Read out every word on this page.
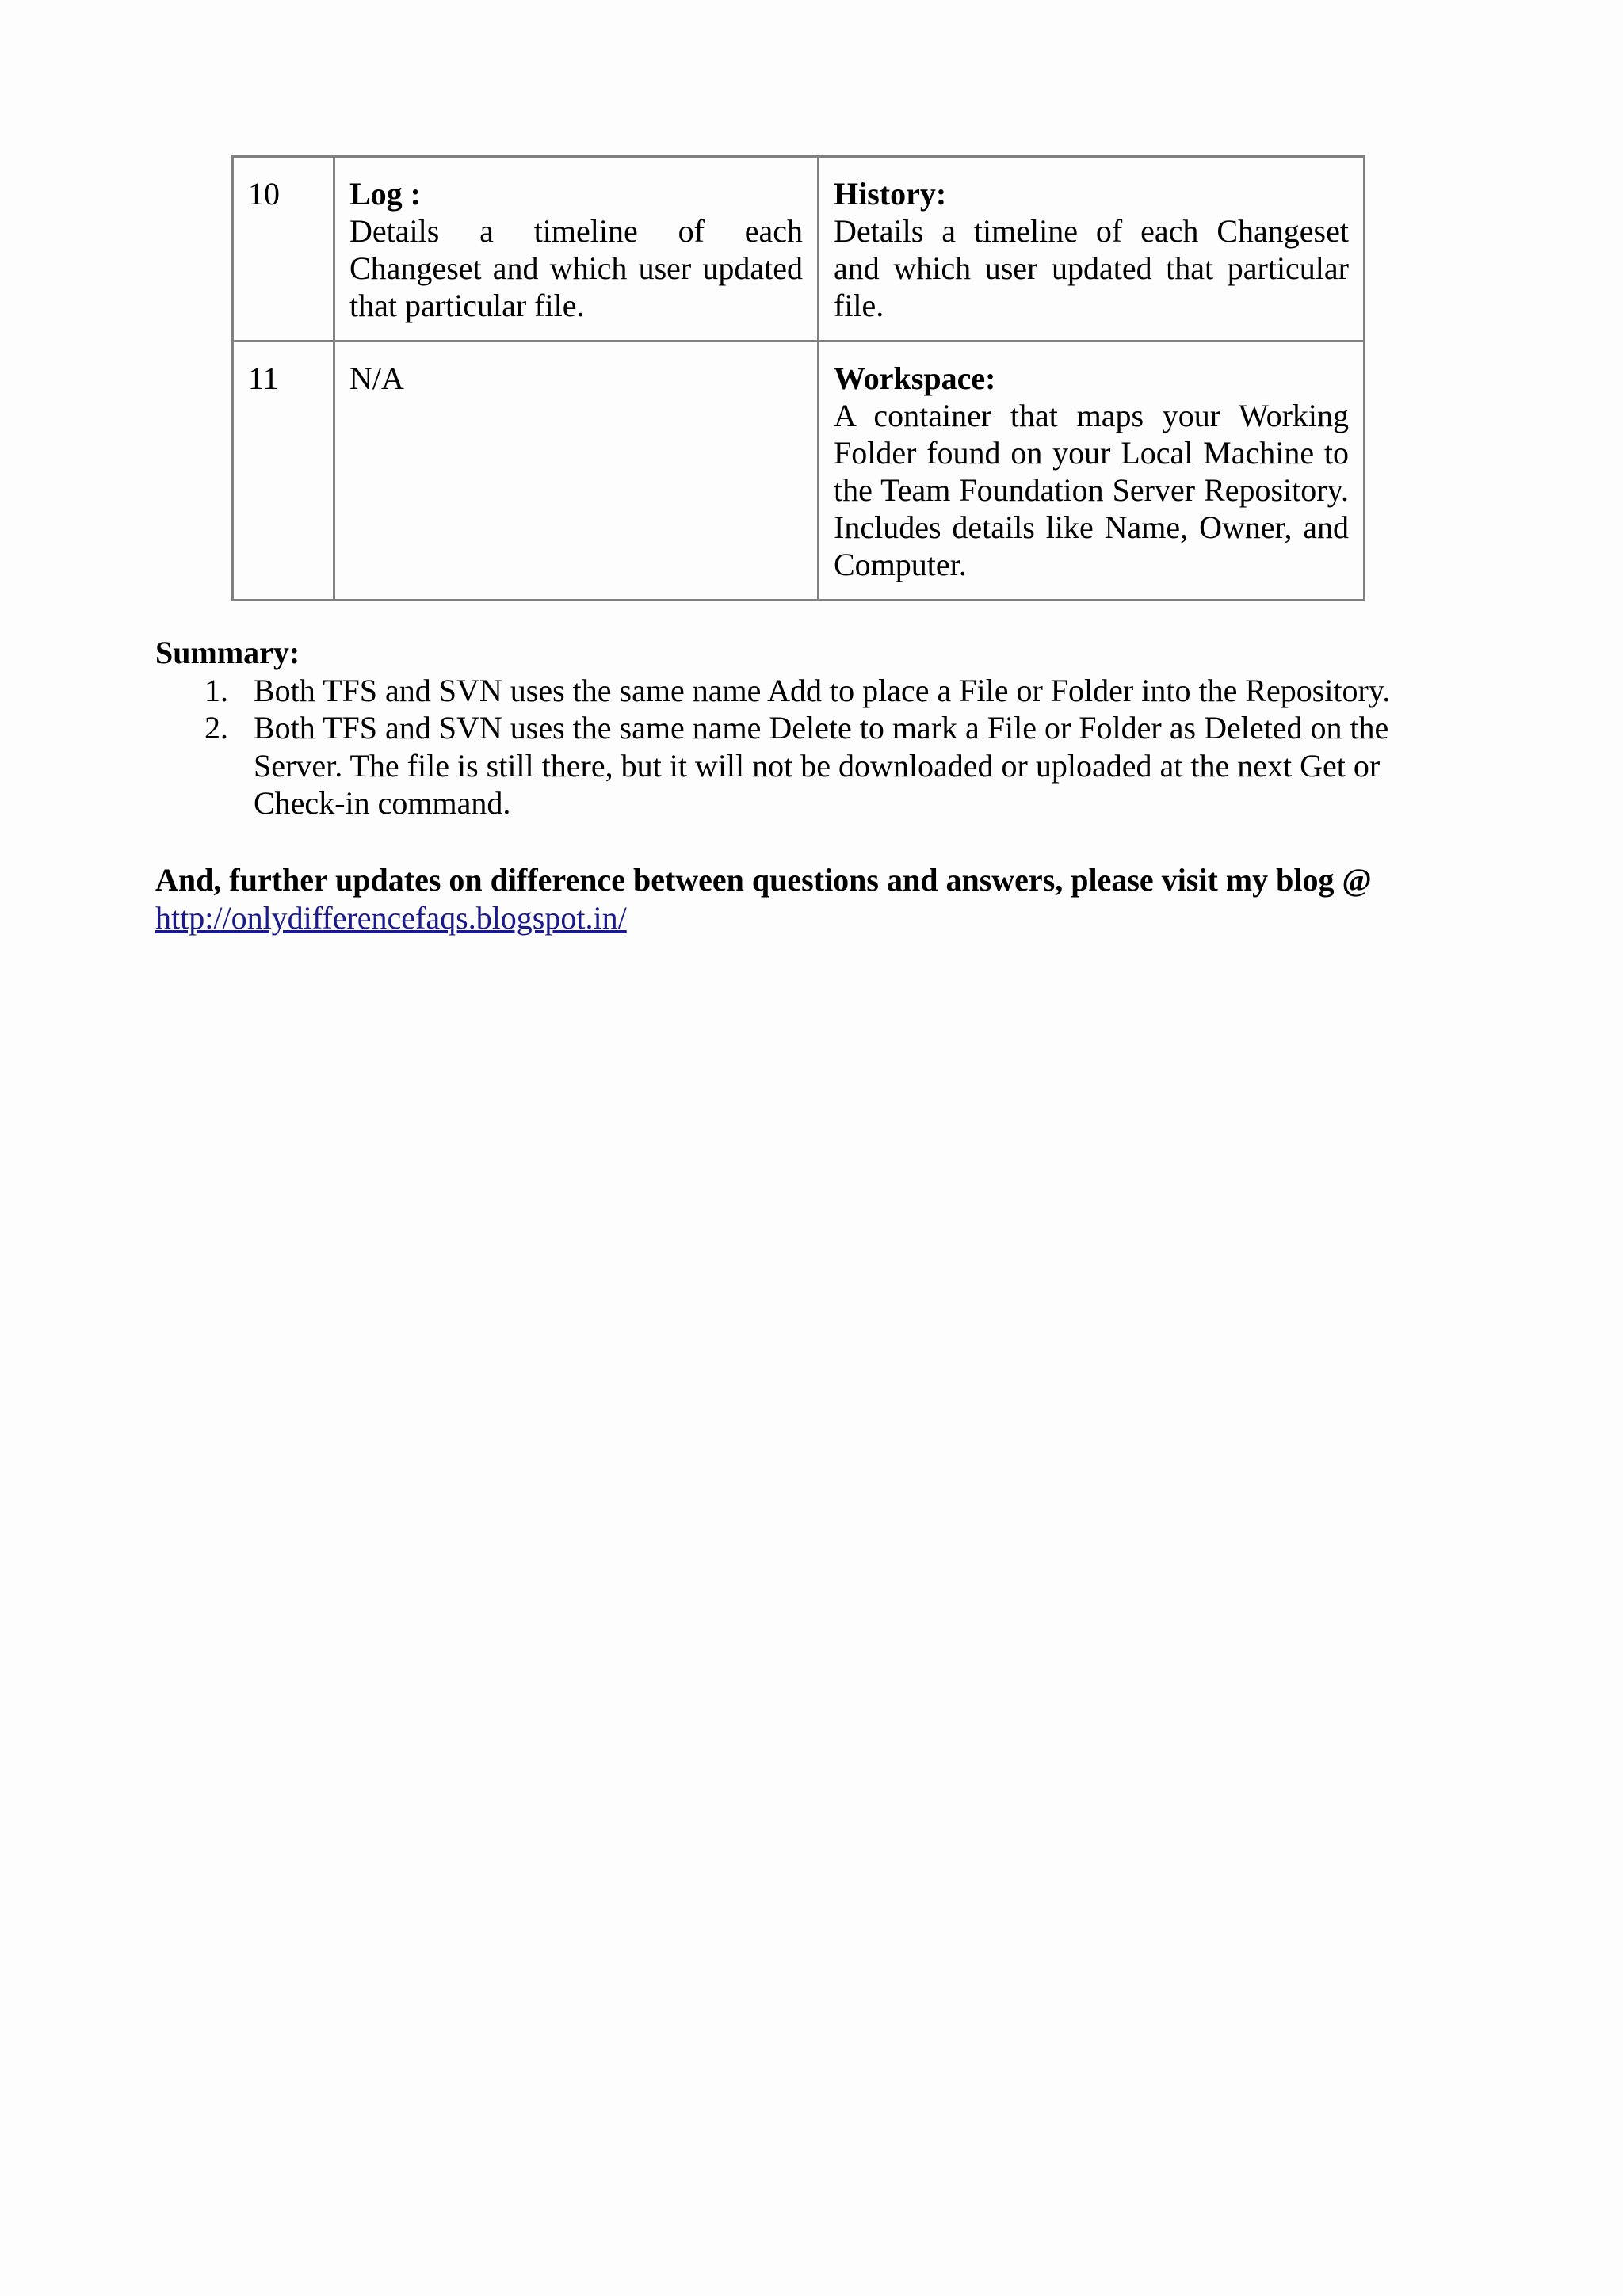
10	Log :
Details a timeline of each Changeset and which user updated that particular file.	History:
Details a timeline of each Changeset and which user updated that particular file.

11	N/A	Workspace:
A container that maps your Working Folder found on your Local Machine to the Team Foundation Server Repository. Includes details like Name, Owner, and Computer.
Summary:
1. Both TFS and SVN uses the same name Add to place a File or Folder into the Repository.
2. Both TFS and SVN uses the same name Delete to mark a File or Folder as Deleted on the Server. The file is still there, but it will not be downloaded or uploaded at the next Get or Check-in command.
And, further updates on difference between questions and answers, please visit my blog @
http://onlydifferencefaqs.blogspot.in/
